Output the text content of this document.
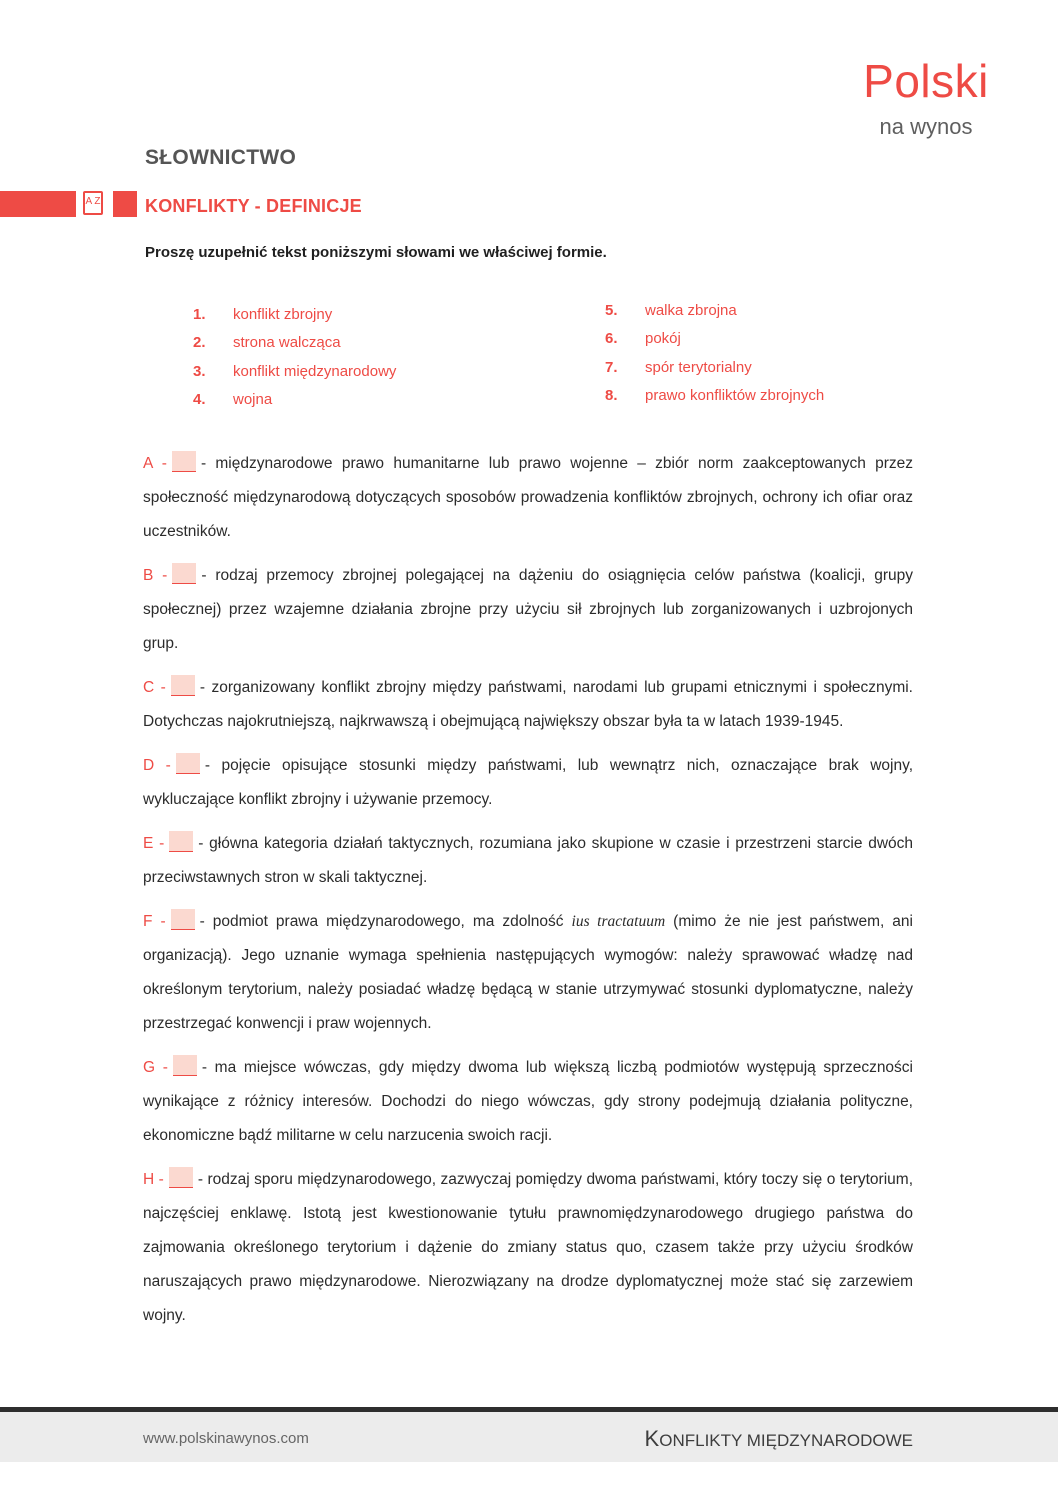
Polski
na wynos
SŁOWNICTWO
A Z KONFLIKTY - DEFINICJE
Proszę uzupełnić tekst poniższymi słowami we właściwej formie.
1.	konflikt zbrojny
2.	strona walcząca
3.	konflikt międzynarodowy
4.	wojna
5.	walka zbrojna
6.	pokój
7.	spór terytorialny
8.	prawo konfliktów zbrojnych

A - - międzynarodowe prawo humanitarne lub prawo wojenne – zbiór norm zaakceptowanych przez społeczność międzynarodową dotyczących sposobów prowadzenia konfliktów zbrojnych, ochrony ich ofiar oraz uczestników.

B - - rodzaj przemocy zbrojnej polegającej na dążeniu do osiągnięcia celów państwa (koalicji, grupy społecznej) przez wzajemne działania zbrojne przy użyciu sił zbrojnych lub zorganizowanych i uzbrojonych grup.

C - - zorganizowany konflikt zbrojny między państwami, narodami lub grupami etnicznymi i społecznymi. Dotychczas najokrutniejszą, najkrwawszą i obejmującą największy obszar była ta w latach 1939-1945.

D - - pojęcie opisujące stosunki między państwami, lub wewnątrz nich, oznaczające brak wojny, wykluczające konflikt zbrojny i używanie przemocy.

E - - główna kategoria działań taktycznych, rozumiana jako skupione w czasie i przestrzeni starcie dwóch przeciwstawnych stron w skali taktycznej.

F - - podmiot prawa międzynarodowego, ma zdolność ius tractatuum (mimo że nie jest państwem, ani organizacją). Jego uznanie wymaga spełnienia następujących wymogów: należy sprawować władzę nad określonym terytorium, należy posiadać władzę będącą w stanie utrzymywać stosunki dyplomatyczne, należy przestrzegać konwencji i praw wojennych.

G - - ma miejsce wówczas, gdy między dwoma lub większą liczbą podmiotów występują sprzeczności wynikające z różnicy interesów. Dochodzi do niego wówczas, gdy strony podejmują działania polityczne, ekonomiczne bądź militarne w celu narzucenia swoich racji.

H - - rodzaj sporu międzynarodowego, zazwyczaj pomiędzy dwoma państwami, który toczy się o terytorium, najczęściej enklawę. Istotą jest kwestionowanie tytułu prawnomiędzynarodowego drugiego państwa do zajmowania określonego terytorium i dążenie do zmiany status quo, czasem także przy użyciu środków naruszających prawo międzynarodowe. Nierozwiązany na drodze dyplomatycznej może stać się zarzewiem wojny.

www.polskinawynos.com	KONFLIKTY MIĘDZYNARODOWE
